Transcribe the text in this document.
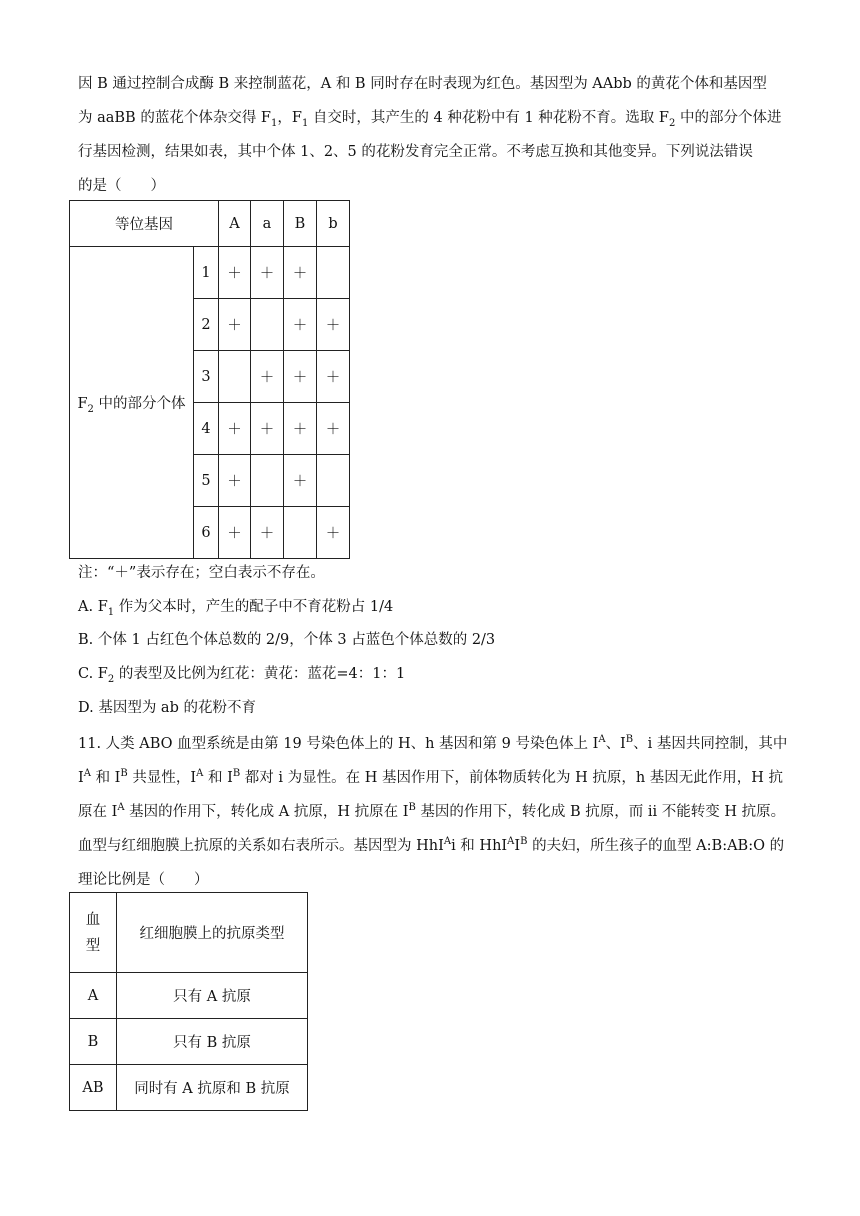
因 B 通过控制合成酶 B 来控制蓝花，A 和 B 同时存在时表现为红色。基因型为 AAbb 的黄花个体和基因型
为 aaBB 的蓝花个体杂交得 $F_1$，$F_1$ 自交时，其产生的 4 种花粉中有 1 种花粉不育。选取 $F_2$ 中的部分个体进
行基因检测，结果如表，其中个体 1、2、5 的花粉发育完全正常。不考虑互换和其他变异。下列说法错误
的是（　　）
等位基因		A	a	B	b
$F_2$ 中的部分个体	1	＋	＋	＋	
	2	＋		＋	＋
	3		＋	＋	＋
	4	＋	＋	＋	＋
	5	＋		＋	
	6	＋	＋		＋
注：“＋”表示存在；空白表示不存在。
A. $F_1$ 作为父本时，产生的配子中不育花粉占 1/4
B. 个体 1 占红色个体总数的 2/9，个体 3 占蓝色个体总数的 2/3
C. $F_2$ 的表型及比例为红花：黄花：蓝花=4：1：1
D. 基因型为 ab 的花粉不育
11. 人类 ABO 血型系统是由第 19 号染色体上的 H、h 基因和第 9 号染色体上 $I^A$、$I^B$、i 基因共同控制，其中
$I^A$ 和 $I^B$ 共显性，$I^A$ 和 $I^B$ 都对 i 为显性。在 H 基因作用下，前体物质转化为 H 抗原，h 基因无此作用，H 抗
原在 $I^A$ 基因的作用下，转化成 A 抗原，H 抗原在 $I^B$ 基因的作用下，转化成 B 抗原，而 ii 不能转变 H 抗原。
血型与红细胞膜上抗原的关系如右表所示。基因型为 HhI$^A$i 和 $HhI^AI^B$ 的夫妇，所生孩子的血型 A:B:AB:O 的
理论比例是（　　）
血
型	红细胞膜上的抗原类型
A	只有 A 抗原
B	只有 B 抗原
AB	同时有 A 抗原和 B 抗原
